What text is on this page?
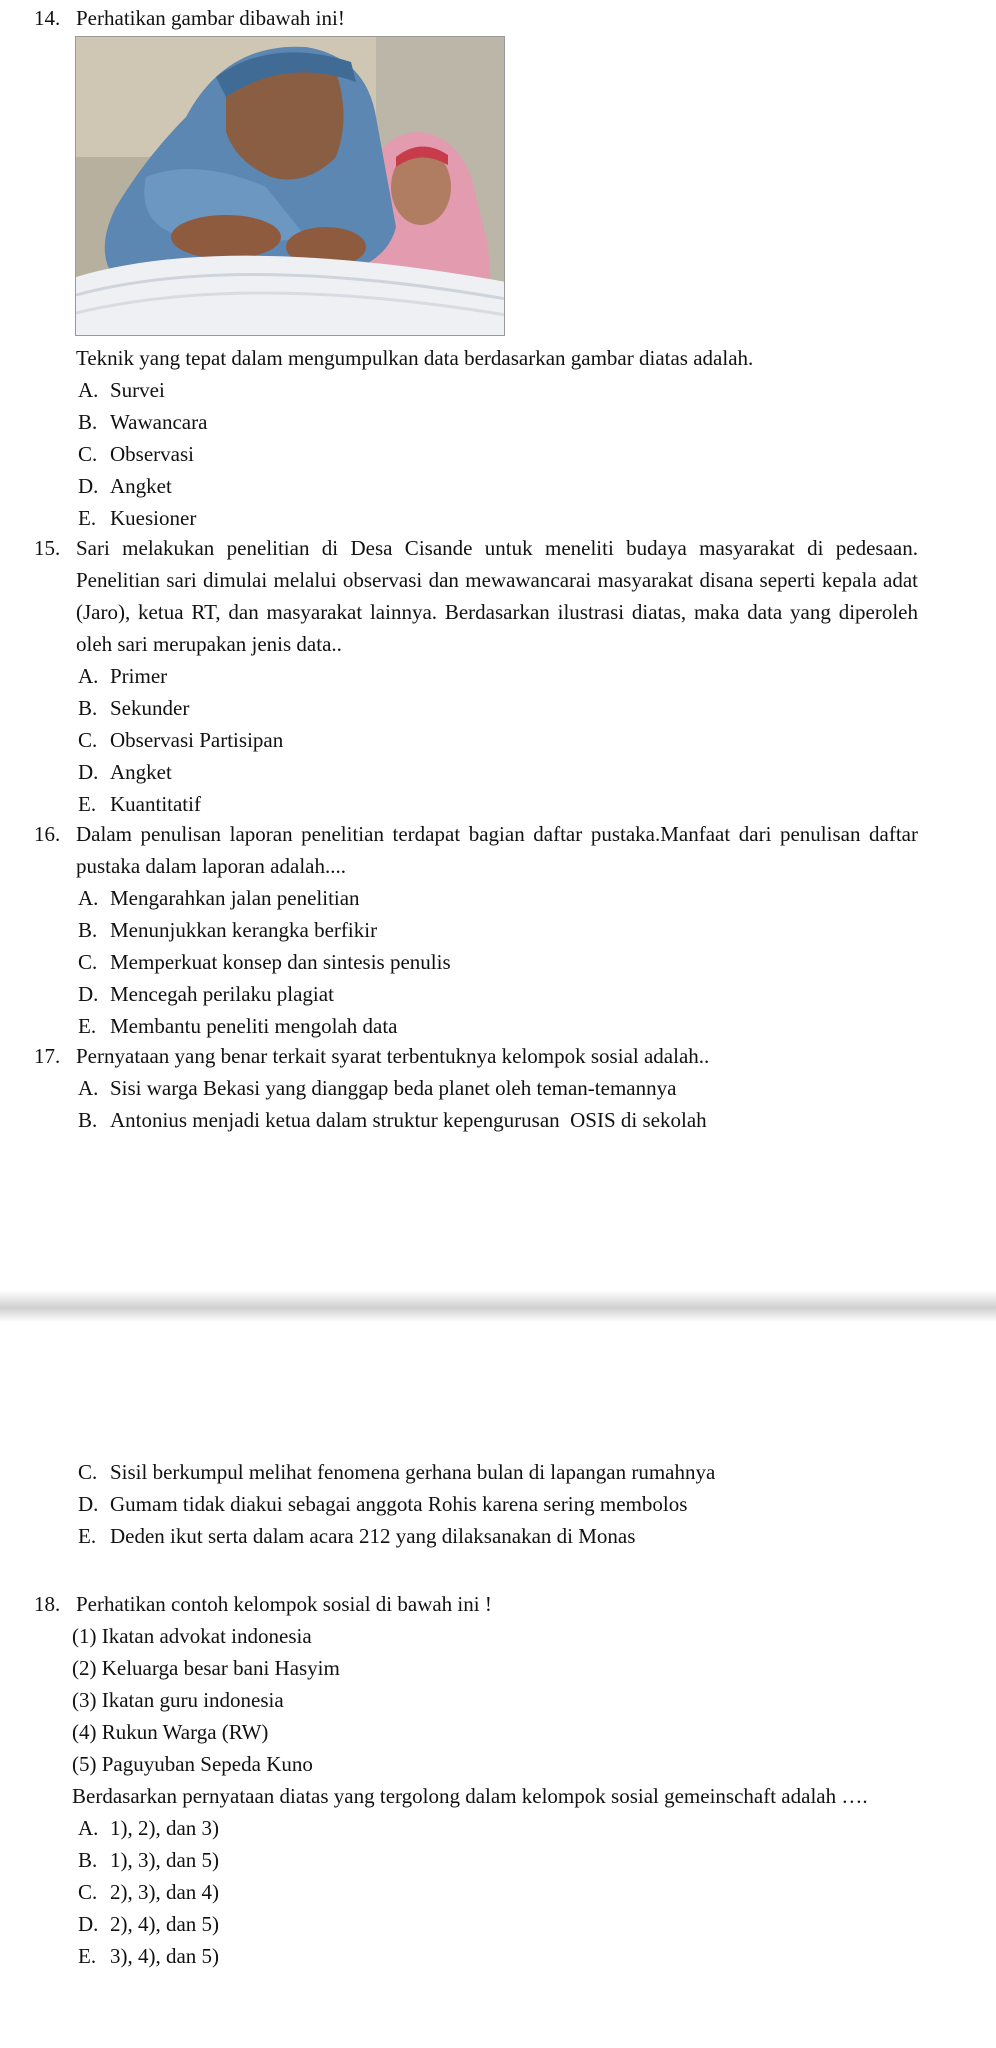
14. Perhatikan gambar dibawah ini!
Teknik yang tepat dalam mengumpulkan data berdasarkan gambar diatas adalah.
A. Survei
B. Wawancara
C. Observasi
D. Angket
E. Kuesioner
15. Sari melakukan penelitian di Desa Cisande untuk meneliti budaya masyarakat di pedesaan. Penelitian sari dimulai melalui observasi dan mewawancarai masyarakat disana seperti kepala adat (Jaro), ketua RT, dan masyarakat lainnya. Berdasarkan ilustrasi diatas, maka data yang diperoleh oleh sari merupakan jenis data..
A. Primer
B. Sekunder
C. Observasi Partisipan
D. Angket
E. Kuantitatif
16. Dalam penulisan laporan penelitian terdapat bagian daftar pustaka.Manfaat dari penulisan daftar pustaka dalam laporan adalah....
A. Mengarahkan jalan penelitian
B. Menunjukkan kerangka berfikir
C. Memperkuat konsep dan sintesis penulis
D. Mencegah perilaku plagiat
E. Membantu peneliti mengolah data
17. Pernyataan yang benar terkait syarat terbentuknya kelompok sosial adalah..
A. Sisi warga Bekasi yang dianggap beda planet oleh teman-temannya
B. Antonius menjadi ketua dalam struktur kepengurusan  OSIS di sekolah
C. Sisil berkumpul melihat fenomena gerhana bulan di lapangan rumahnya
D. Gumam tidak diakui sebagai anggota Rohis karena sering membolos
E. Deden ikut serta dalam acara 212 yang dilaksanakan di Monas
18. Perhatikan contoh kelompok sosial di bawah ini !
(1) Ikatan advokat indonesia
(2) Keluarga besar bani Hasyim
(3) Ikatan guru indonesia
(4) Rukun Warga (RW)
(5) Paguyuban Sepeda Kuno
Berdasarkan pernyataan diatas yang tergolong dalam kelompok sosial gemeinschaft adalah ….
A. 1), 2), dan 3)
B. 1), 3), dan 5)
C. 2), 3), dan 4)
D. 2), 4), dan 5)
E. 3), 4), dan 5)
